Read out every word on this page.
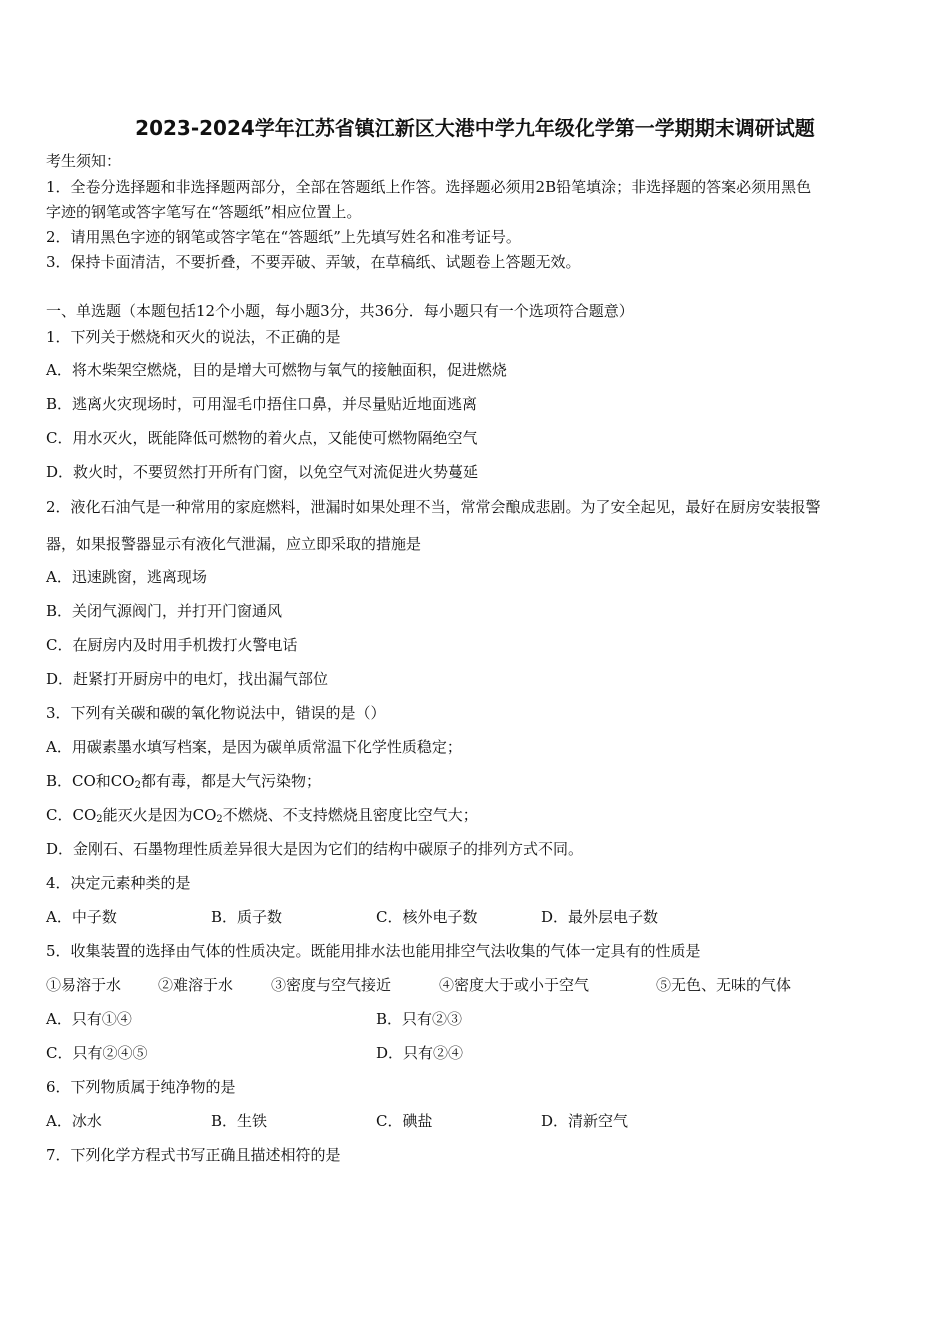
2023-2024学年江苏省镇江新区大港中学九年级化学第一学期期末调研试题
考生须知：
1．全卷分选择题和非选择题两部分，全部在答题纸上作答。选择题必须用2B铅笔填涂；非选择题的答案必须用黑色
字迹的钢笔或答字笔写在“答题纸”相应位置上。
2．请用黑色字迹的钢笔或答字笔在“答题纸”上先填写姓名和准考证号。
3．保持卡面清洁，不要折叠，不要弄破、弄皱，在草稿纸、试题卷上答题无效。
一、单选题（本题包括12个小题，每小题3分，共36分．每小题只有一个选项符合题意）
1．下列关于燃烧和灭火的说法，不正确的是
A．将木柴架空燃烧，目的是增大可燃物与氧气的接触面积，促进燃烧
B．逃离火灾现场时，可用湿毛巾捂住口鼻，并尽量贴近地面逃离
C．用水灭火，既能降低可燃物的着火点，又能使可燃物隔绝空气
D．救火时，不要贸然打开所有门窗，以免空气对流促进火势蔓延
2．液化石油气是一种常用的家庭燃料，泄漏时如果处理不当，常常会酿成悲剧。为了安全起见，最好在厨房安装报警
器，如果报警器显示有液化气泄漏，应立即采取的措施是
A．迅速跳窗，逃离现场
B．关闭气源阀门，并打开门窗通风
C．在厨房内及时用手机拨打火警电话
D．赶紧打开厨房中的电灯，找出漏气部位
3．下列有关碳和碳的氧化物说法中，错误的是（）
A．用碳素墨水填写档案，是因为碳单质常温下化学性质稳定；
B．CO和$CO_2$都有毒，都是大气污染物；
C．$CO_2$能灭火是因为$CO_2$不燃烧、不支持燃烧且密度比空气大；
D．金刚石、石墨物理性质差异很大是因为它们的结构中碳原子的排列方式不同。
4．决定元素种类的是
A．中子数	B．质子数	C．核外电子数	D．最外层电子数
5．收集装置的选择由气体的性质决定。既能用排水法也能用排空气法收集的气体一定具有的性质是
①易溶于水 ②难溶于水	③密度与空气接近	④密度大于或小于空气	⑤无色、无味的气体
A．只有①④	B．只有②③
C．只有②④⑤	D．只有②④
6．下列物质属于纯净物的是
A．冰水	B．生铁	C．碘盐	D．清新空气
7．下列化学方程式书写正确且描述相符的是
